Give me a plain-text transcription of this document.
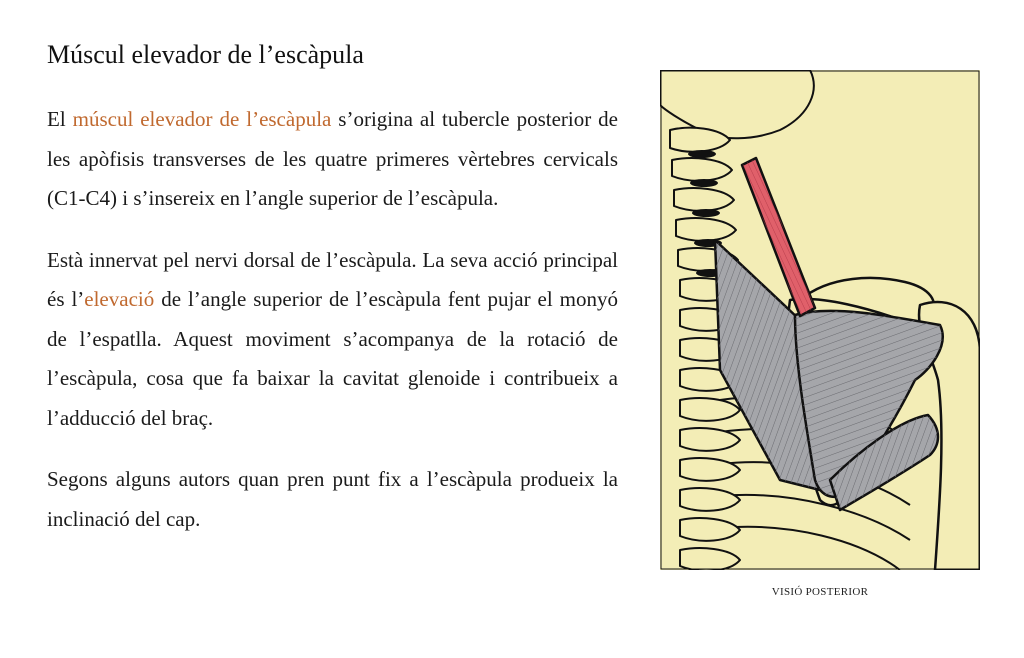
Múscul elevador de l’escàpula

El múscul elevador de l’escàpula s’origina al tubercle posterior de les apòfisis transverses de les quatre primeres vèrtebres cervicals (C1-C4) i s’insereix en l’angle superior de l’escàpula.

Està innervat pel nervi dorsal de l’escàpula. La seva acció principal és l’elevació de l’angle superior de l’escàpula fent pujar el monyó de l’espatlla. Aquest moviment s’acompanya de la rotació de l’escàpula, cosa que fa baixar la cavitat glenoide i contribueix a l’adducció del braç.

Segons alguns autors quan pren punt fix a l’escàpula produeix la inclinació del cap.

VISIÓ POSTERIOR
